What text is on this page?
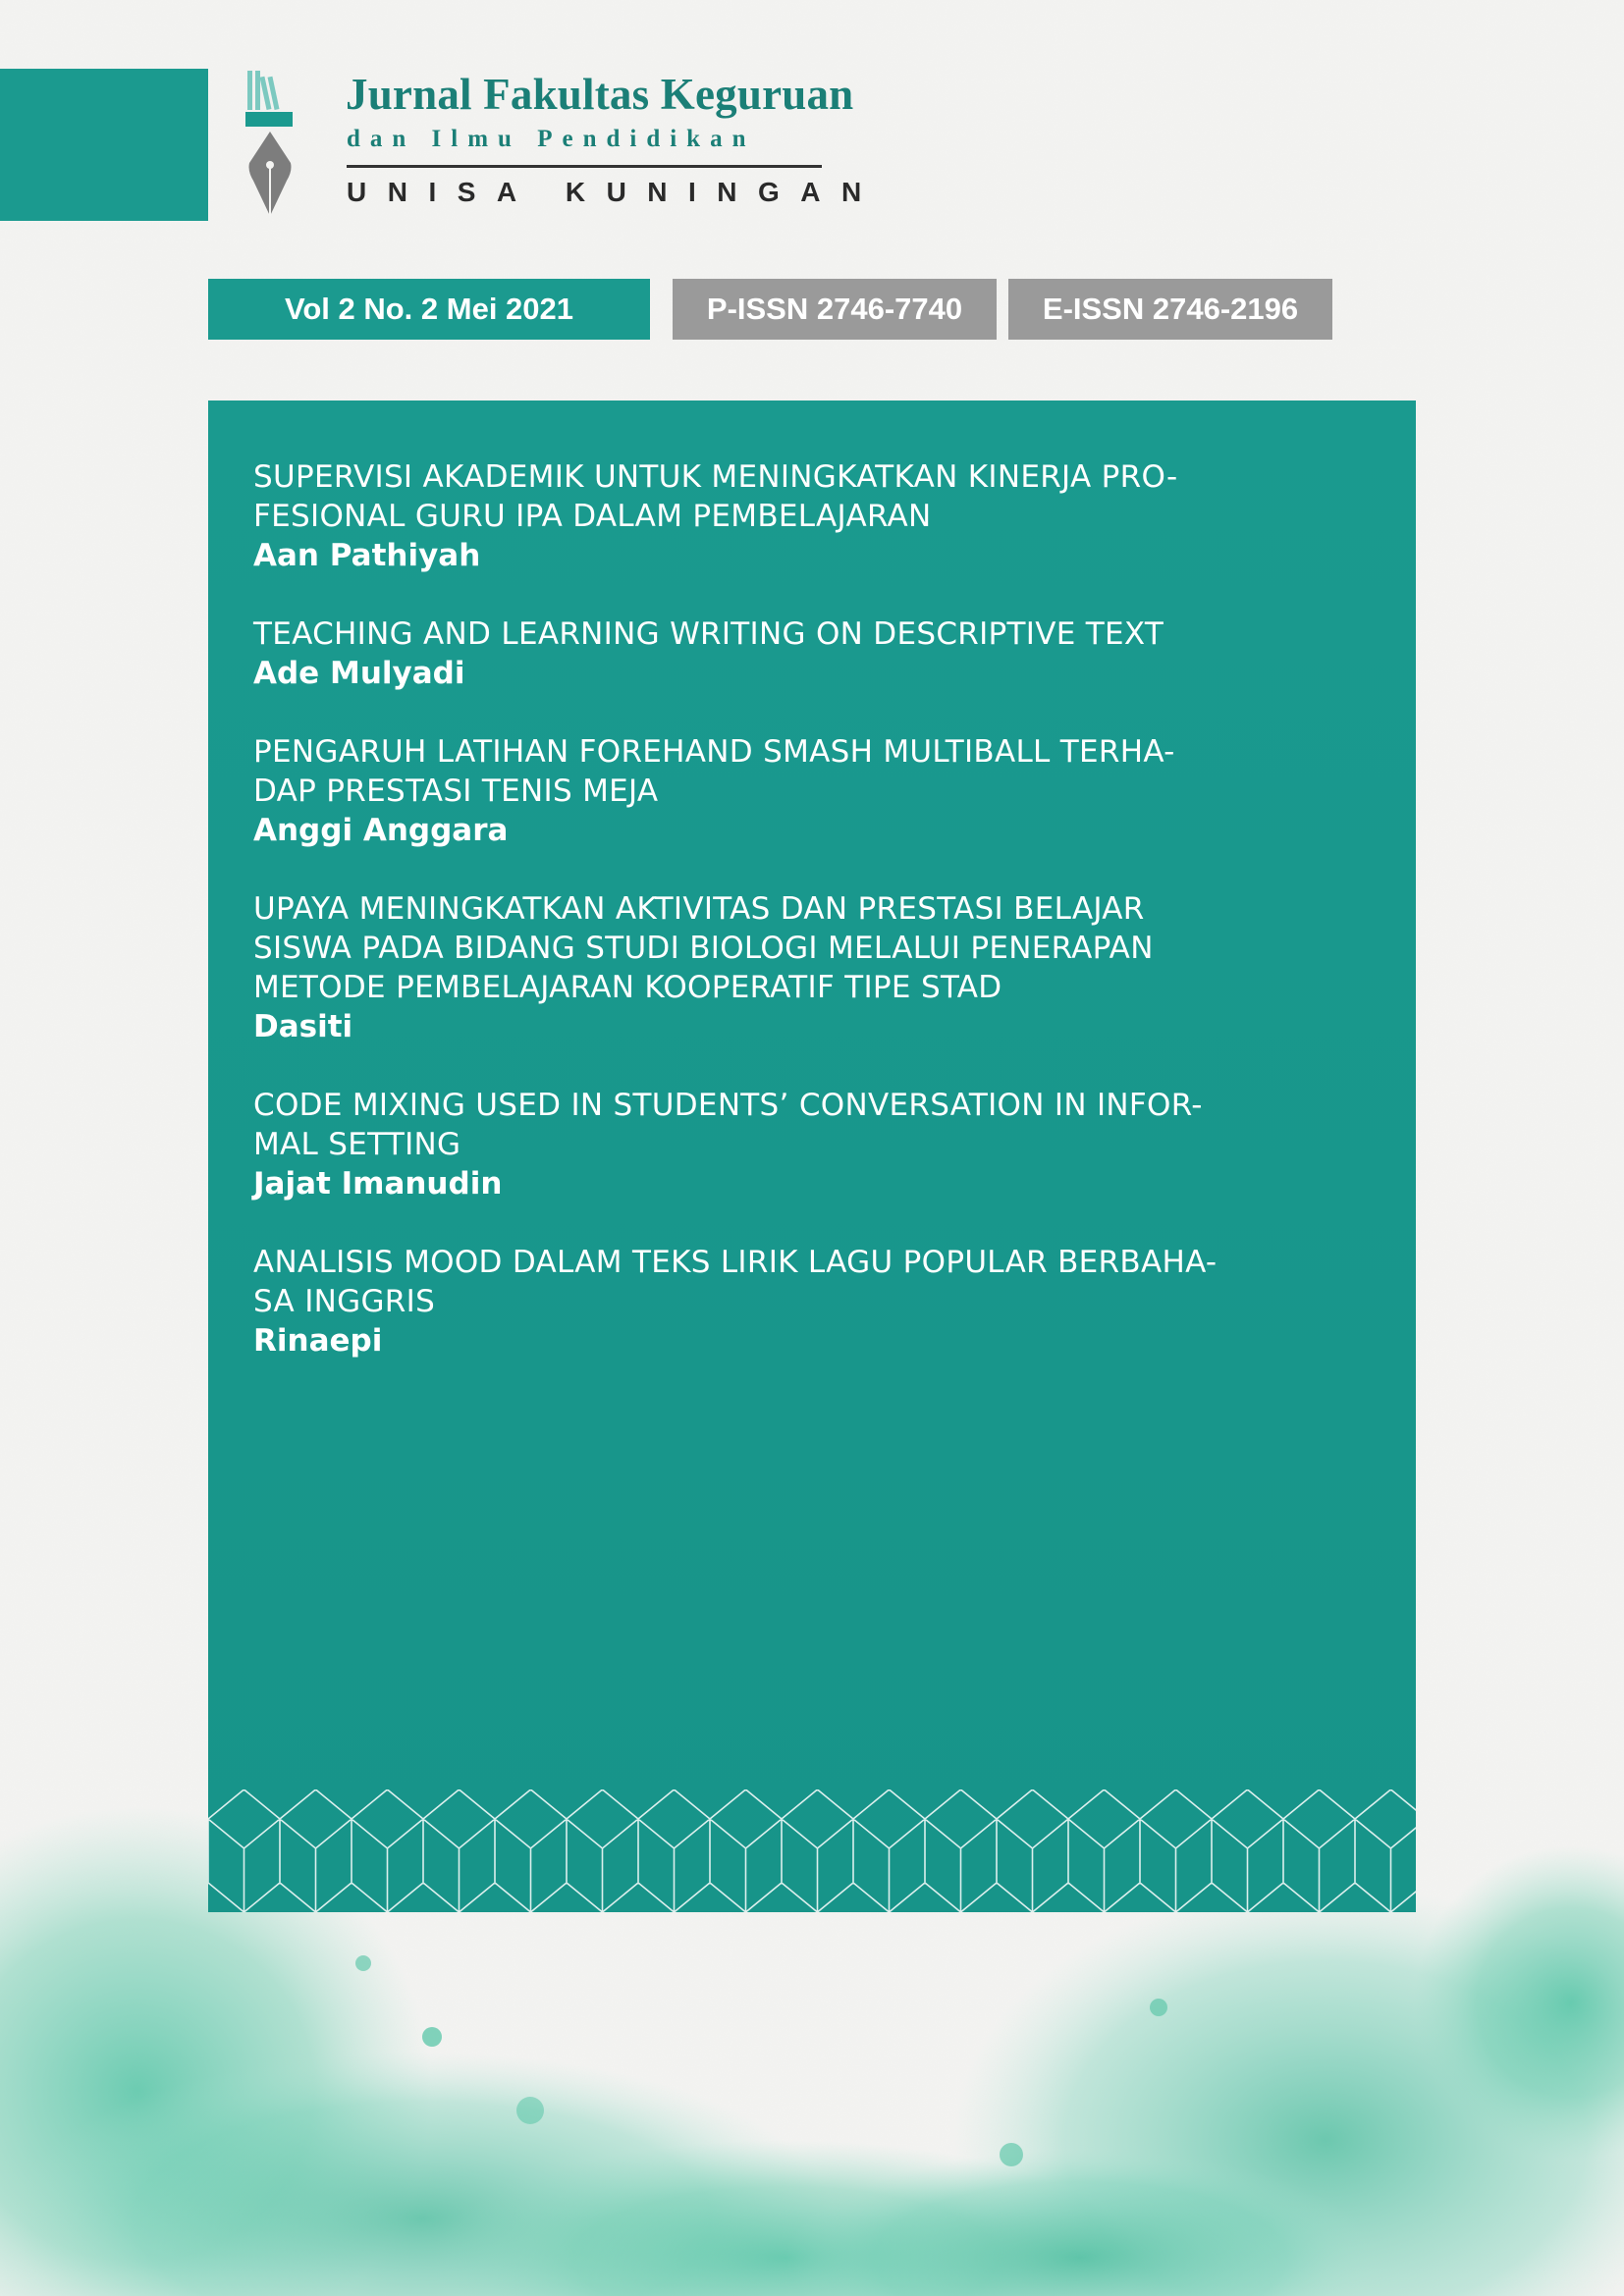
Jurnal Fakultas Keguruan
dan Ilmu Pendidikan
UNISA KUNINGAN
Vol 2 No. 2 Mei 2021	P-ISSN 2746-7740	E-ISSN 2746-2196
SUPERVISI AKADEMIK UNTUK MENINGKATKAN KINERJA PRO-
FESIONAL GURU IPA DALAM PEMBELAJARAN
Aan Pathiyah
TEACHING AND LEARNING WRITING ON DESCRIPTIVE TEXT
Ade Mulyadi
PENGARUH LATIHAN FOREHAND SMASH MULTIBALL TERHA-
DAP PRESTASI TENIS MEJA
Anggi Anggara
UPAYA MENINGKATKAN AKTIVITAS DAN PRESTASI BELAJAR
SISWA PADA BIDANG STUDI BIOLOGI MELALUI PENERAPAN
METODE PEMBELAJARAN KOOPERATIF TIPE STAD
Dasiti
CODE MIXING USED IN STUDENTS’ CONVERSATION IN INFOR-
MAL SETTING
Jajat Imanudin
ANALISIS MOOD DALAM TEKS LIRIK LAGU POPULAR BERBAHA-
SA INGGRIS
Rinaepi
